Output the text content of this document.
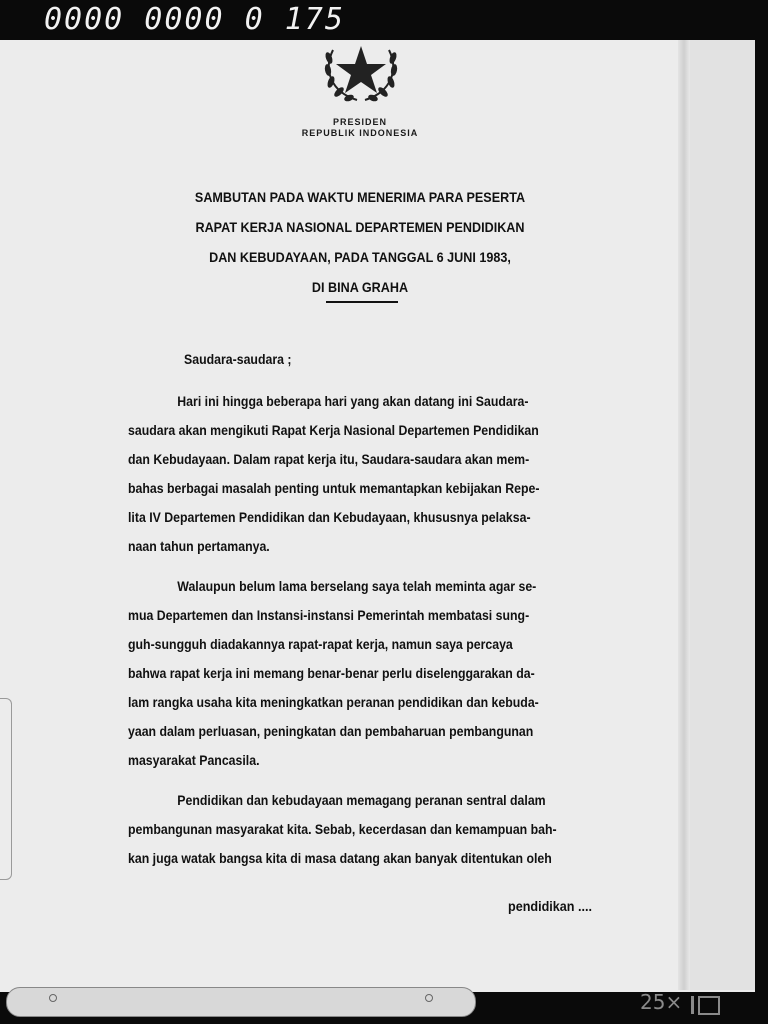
0000 0000 0 175
PRESIDEN
REPUBLIK INDONESIA
SAMBUTAN PADA WAKTU MENERIMA PARA PESERTA
RAPAT KERJA NASIONAL DEPARTEMEN PENDIDIKAN
DAN KEBUDAYAAN, PADA TANGGAL 6 JUNI 1983,
DI BINA GRAHA
Saudara-saudara ;
Hari ini hingga beberapa hari yang akan datang ini Saudara-
saudara akan mengikuti Rapat Kerja Nasional Departemen Pendidikan
dan Kebudayaan. Dalam rapat kerja itu, Saudara-saudara akan mem-
bahas berbagai masalah penting untuk memantapkan kebijakan Repe-
lita IV Departemen Pendidikan dan Kebudayaan, khususnya pelaksa-
naan tahun pertamanya.
Walaupun belum lama berselang saya telah meminta agar se-
mua Departemen dan Instansi-instansi Pemerintah membatasi sung-
guh-sungguh diadakannya rapat-rapat kerja, namun saya percaya
bahwa rapat kerja ini memang benar-benar perlu diselenggarakan da-
lam rangka usaha kita meningkatkan peranan pendidikan dan kebuda-
yaan dalam perluasan, peningkatan dan pembaharuan pembangunan
masyarakat Pancasila.
Pendidikan dan kebudayaan memagang peranan sentral dalam
pembangunan masyarakat kita. Sebab, kecerdasan dan kemampuan bah-
kan juga watak bangsa kita di masa datang akan banyak ditentukan oleh
pendidikan ....
25×
